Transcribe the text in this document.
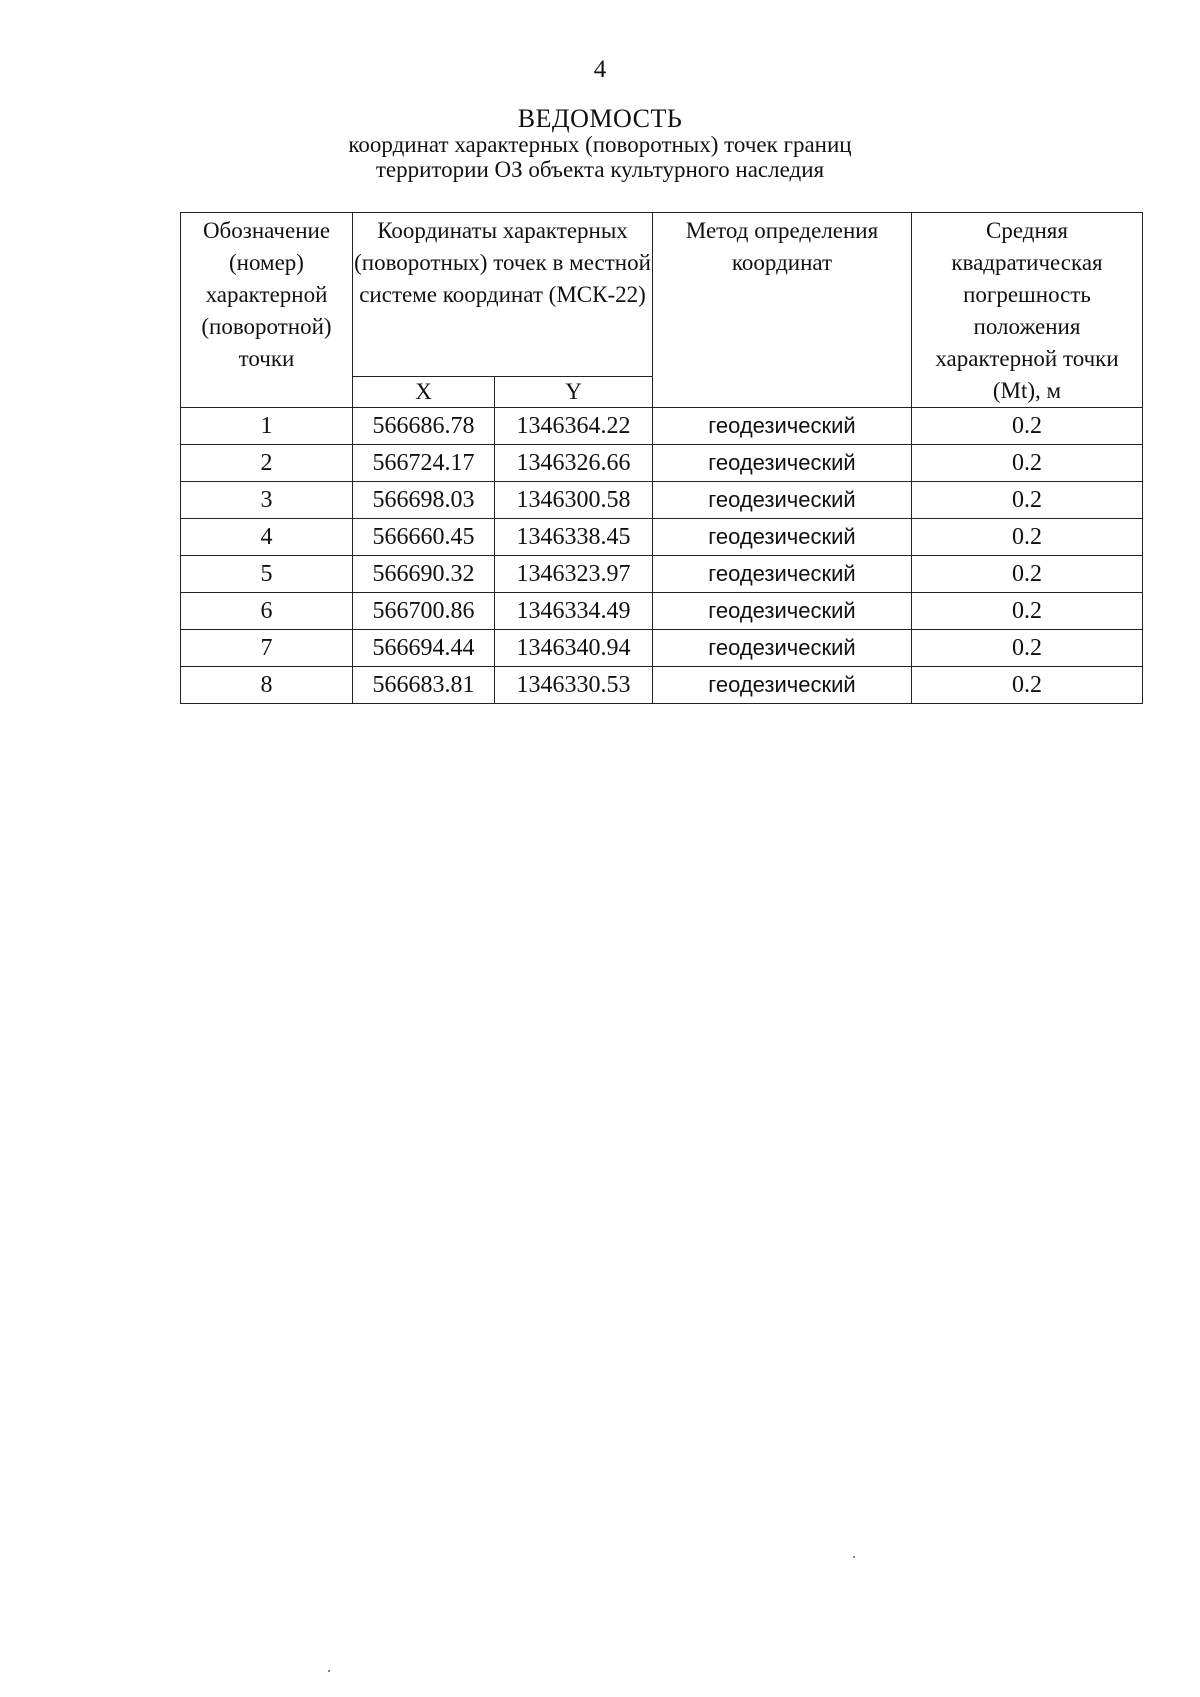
4
ВЕДОМОСТЬ
координат характерных (поворотных) точек границ
территории ОЗ объекта культурного наследия
Обозначение (номер) характерной (поворотной) точки	Координаты характерных (поворотных) точек в местной системе координат (МСК-22)		Метод определения координат	Средняя квадратическая погрешность положения характерной точки (Mt), м
	X	Y		
1	566686.78	1346364.22	геодезический	0.2
2	566724.17	1346326.66	геодезический	0.2
3	566698.03	1346300.58	геодезический	0.2
4	566660.45	1346338.45	геодезический	0.2
5	566690.32	1346323.97	геодезический	0.2
6	566700.86	1346334.49	геодезический	0.2
7	566694.44	1346340.94	геодезический	0.2
8	566683.81	1346330.53	геодезический	0.2
